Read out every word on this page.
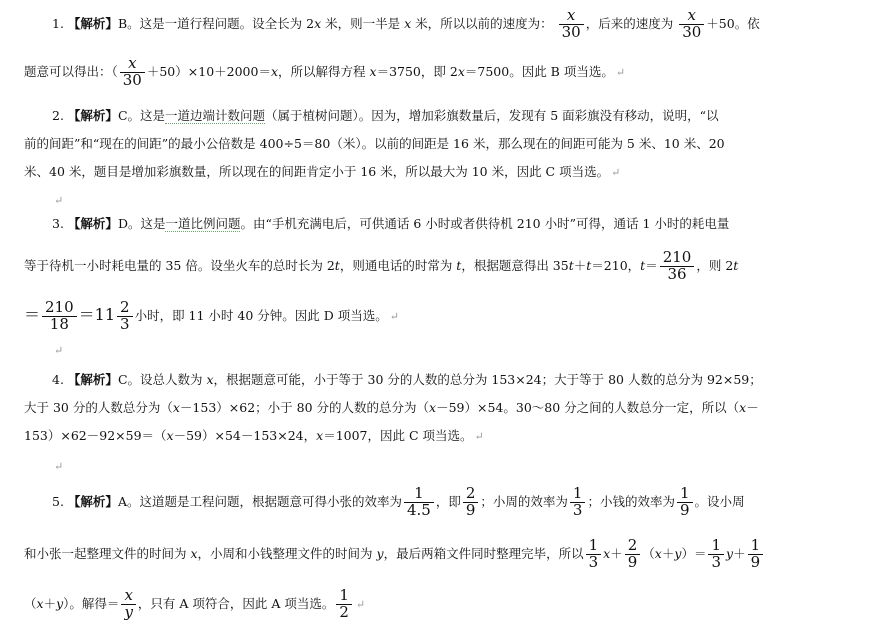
1. 【解析】B。这是一道行程问题。设全长为 2x 米，则一半是 x 米，所以以前的速度为： $\frac{x}{30}$ ，后来的速度为 $\frac{x}{30} +50$。依
题意可以得出：（ $\frac{x}{30} +50)\times 10+2000=x$，所以解得方程 x＝3750，即 2x＝7500。因此 B 项当选。 ↵
2. 【解析】C。这是一道边端计数问题（属于植树问题）。因为，增加彩旗数量后，发现有 5 面彩旗没有移动，说明，“以
前的间距”和“现在的间距”的最小公倍数是 400÷5＝80（米）。以前的间距是 16 米，那么现在的间距可能为 5 米、10 米、20
米、40 米，题目是增加彩旗数量，所以现在的间距肯定小于 16 米，所以最大为 10 米，因此 C 项当选。 ↵
↵
3. 【解析】D。这是一道比例问题。由“手机充满电后，可供通话 6 小时或者供待机 210 小时”可得，通话 1 小时的耗电量
等于待机一小时耗电量的 35 倍。设坐火车的总时长为 2t，则通电话的时常为 t，根据题意得出 35t＋t＝210，$t= \frac{210}{36}$ ，则 2t
＝ $\frac{210}{18} =11 \frac{2}{3}$ 小时，即 11 小时 40 分钟。因此 D 项当选。 ↵
↵
4. 【解析】C。设总人数为 x，根据题意可能，小于等于 30 分的人数的总分为 153×24；大于等于 80 人数的总分为 92×59；
大于 30 分的人数总分为（x－153）×62；小于 80 分的人数的总分为（x－59）×54。30～80 分之间的人数总分一定，所以（x－
153）×62－92×59＝（x－59）×54－153×24，x＝1007，因此 C 项当选。 ↵
↵
5. 【解析】A。这道题是工程问题，根据题意可得小张的效率为 $\frac{1}{4.5}$ ，即 $\frac{2}{9}$ ；小周的效率为 $\frac{1}{3}$ ；小钱的效率为 $\frac{1}{9}$ 。设小周
和小张一起整理文件的时间为 x，小周和小钱整理文件的时间为 y，最后两箱文件同时整理完毕，所以 $\frac{1}{3} x+ \frac{2}{9} (x+y)= \frac{1}{3} y+ \frac{1}{9}$
（x＋y）。解得＝ $\frac{x}{y}$ ，只有 A 项符合，因此 A 项当选。 $\frac{1}{2}$ ↵
